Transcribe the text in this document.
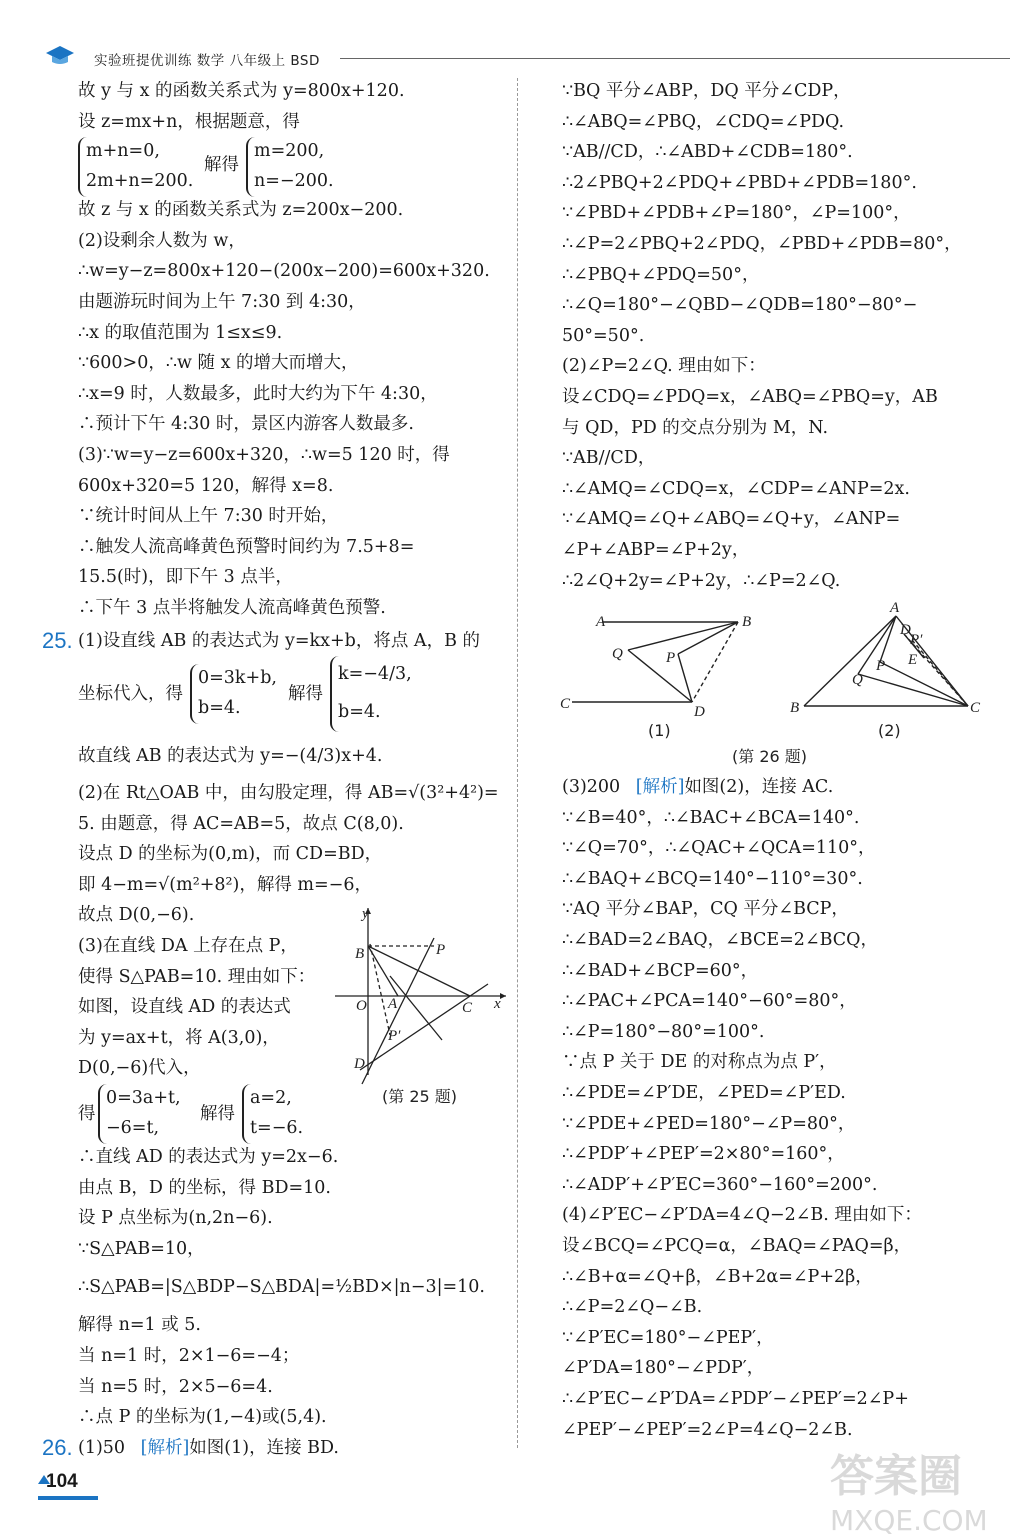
实验班提优训练 数学 八年级上 BSD
故 y 与 x 的函数关系式为 y=800x+120.
设 z=mx+n，根据题意，得
m+n=0,
2m+n=200.
解得
m=200,
n=−200.
故 z 与 x 的函数关系式为 z=200x−200.
(2)设剩余人数为 w，
∴w=y−z=800x+120−(200x−200)=600x+320.
由题游玩时间为上午 7:30 到 4:30，
∴x 的取值范围为 1≤x≤9.
∵600>0，∴w 随 x 的增大而增大，
∴x=9 时，人数最多，此时大约为下午 4:30，
∴预计下午 4:30 时，景区内游客人数最多.
(3)∵w=y−z=600x+320，∴w=5 120 时，得
600x+320=5 120，解得 x=8.
∵统计时间从上午 7:30 时开始，
∴触发人流高峰黄色预警时间约为 7.5+8=
15.5(时)，即下午 3 点半，
∴下午 3 点半将触发人流高峰黄色预警.
25. (1)设直线 AB 的表达式为 y=kx+b，将点 A，B 的
坐标代入，得
0=3k+b,
b=4.
解得
k=−4/3,
b=4.
故直线 AB 的表达式为 y=−(4/3)x+4.
(2)在 Rt△OAB 中，由勾股定理，得 AB=√(3²+4²)=
5. 由题意，得 AC=AB=5，故点 C(8,0).
设点 D 的坐标为(0,m)，而 CD=BD，
即 4−m=√(m²+8²)，解得 m=−6，
故点 D(0,−6).
(3)在直线 DA 上存在点 P，
使得 S△PAB=10. 理由如下：
如图，设直线 AD 的表达式
为 y=ax+t，将 A(3,0)，
D(0,−6)代入，
得
0=3a+t,
−6=t,
解得
a=2,
t=−6.
∴直线 AD 的表达式为 y=2x−6.
由点 B，D 的坐标，得 BD=10.
设 P 点坐标为(n,2n−6).
∵S△PAB=10，
∴S△PAB=|S△BDP−S△BDA|=½BD×|n−3|=10.
解得 n=1 或 5.
当 n=1 时，2×1−6=−4；
当 n=5 时，2×5−6=4.
∴点 P 的坐标为(1,−4)或(5,4).
26. (1)50 [解析]如图(1)，连接 BD.
y
x
B	P
O A	C
P′
D
(第 25 题)
∵BQ 平分∠ABP，DQ 平分∠CDP，
∴∠ABQ=∠PBQ，∠CDQ=∠PDQ.
∵AB//CD，∴∠ABD+∠CDB=180°.
∴2∠PBQ+2∠PDQ+∠PBD+∠PDB=180°.
∵∠PBD+∠PDB+∠P=180°，∠P=100°，
∴∠P=2∠PBQ+2∠PDQ，∠PBD+∠PDB=80°，
∴∠PBQ+∠PDQ=50°，
∴∠Q=180°−∠QBD−∠QDB=180°−80°−
50°=50°.
(2)∠P=2∠Q. 理由如下：
设∠CDQ=∠PDQ=x，∠ABQ=∠PBQ=y，AB
与 QD，PD 的交点分别为 M，N.
∵AB//CD，
∴∠AMQ=∠CDQ=x，∠CDP=∠ANP=2x.
∵∠AMQ=∠Q+∠ABQ=∠Q+y，∠ANP=
∠P+∠ABP=∠P+2y，
∴2∠Q+2y=∠P+2y，∴∠P=2∠Q.
A	B
Q	P
C	D	B
A
D
P′
E
P
Q
C
(1)	(2)
(第 26 题)
(3)200 [解析]如图(2)，连接 AC.
∵∠B=40°，∴∠BAC+∠BCA=140°.
∵∠Q=70°，∴∠QAC+∠QCA=110°，
∴∠BAQ+∠BCQ=140°−110°=30°.
∵AQ 平分∠BAP，CQ 平分∠BCP，
∴∠BAD=2∠BAQ，∠BCE=2∠BCQ，
∴∠BAD+∠BCP=60°，
∴∠PAC+∠PCA=140°−60°=80°，
∴∠P=180°−80°=100°.
∵点 P 关于 DE 的对称点为点 P′，
∴∠PDE=∠P′DE，∠PED=∠P′ED.
∵∠PDE+∠PED=180°−∠P=80°，
∴∠PDP′+∠PEP′=2×80°=160°，
∴∠ADP′+∠P′EC=360°−160°=200°.
(4)∠P′EC−∠P′DA=4∠Q−2∠B. 理由如下：
设∠BCQ=∠PCQ=α，∠BAQ=∠PAQ=β，
∴∠B+α=∠Q+β，∠B+2α=∠P+2β，
∴∠P=2∠Q−∠B.
∵∠P′EC=180°−∠PEP′，
∠P′DA=180°−∠PDP′，
∴∠P′EC−∠P′DA=∠PDP′−∠PEP′=2∠P+
∠PEP′−∠PEP′=2∠P=4∠Q−2∠B.
104	答案圈
MXQE.COM
